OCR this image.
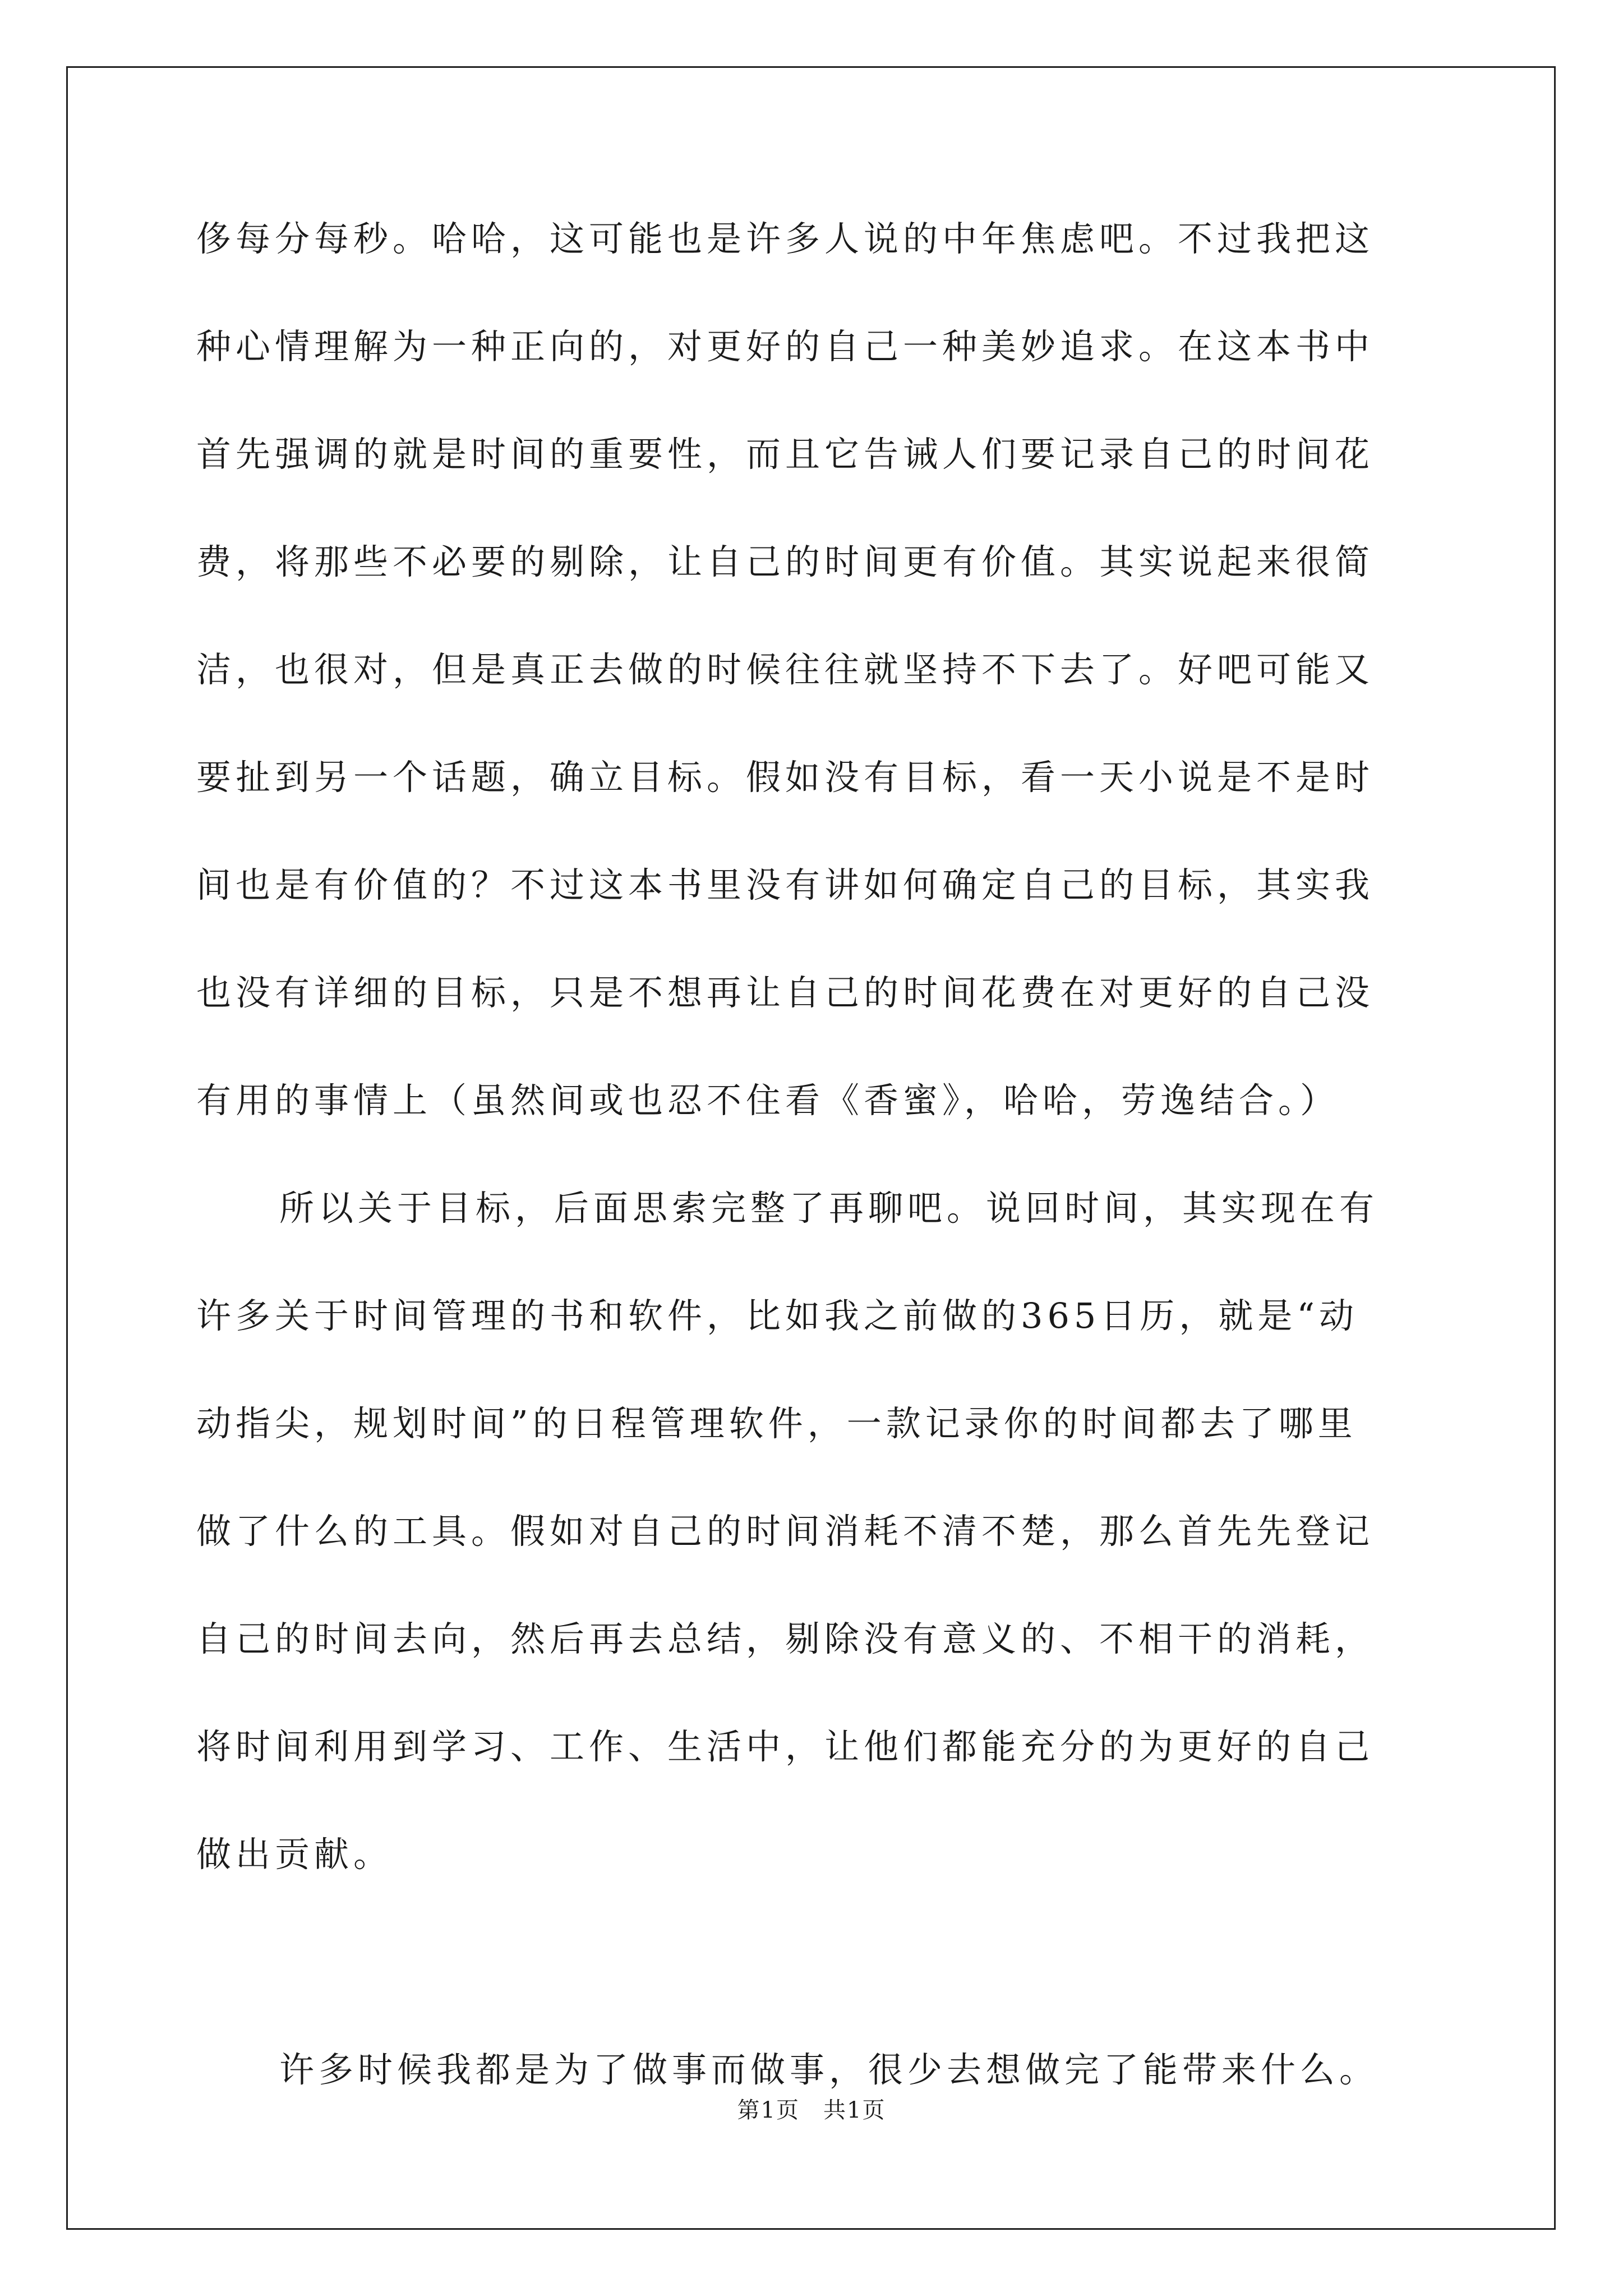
侈每分每秒。哈哈，这可能也是许多人说的中年焦虑吧。不过我把这
种心情理解为一种正向的，对更好的自己一种美妙追求。在这本书中
首先强调的就是时间的重要性，而且它告诫人们要记录自己的时间花
费，将那些不必要的剔除，让自己的时间更有价值。其实说起来很简
洁，也很对，但是真正去做的时候往往就坚持不下去了。好吧可能又
要扯到另一个话题，确立目标。假如没有目标，看一天小说是不是时
间也是有价值的？不过这本书里没有讲如何确定自己的目标，其实我
也没有详细的目标，只是不想再让自己的时间花费在对更好的自己没
有用的事情上（虽然间或也忍不住看《香蜜》，哈哈，劳逸结合。）
所以关于目标，后面思索完整了再聊吧。说回时间，其实现在有
许多关于时间管理的书和软件，比如我之前做的365日历，就是“动
动指尖，规划时间”的日程管理软件，一款记录你的时间都去了哪里
做了什么的工具。假如对自己的时间消耗不清不楚，那么首先先登记
自己的时间去向，然后再去总结，剔除没有意义的、不相干的消耗，
将时间利用到学习、工作、生活中，让他们都能充分的为更好的自己
做出贡献。
许多时候我都是为了做事而做事，很少去想做完了能带来什么。
第1页　共1页
